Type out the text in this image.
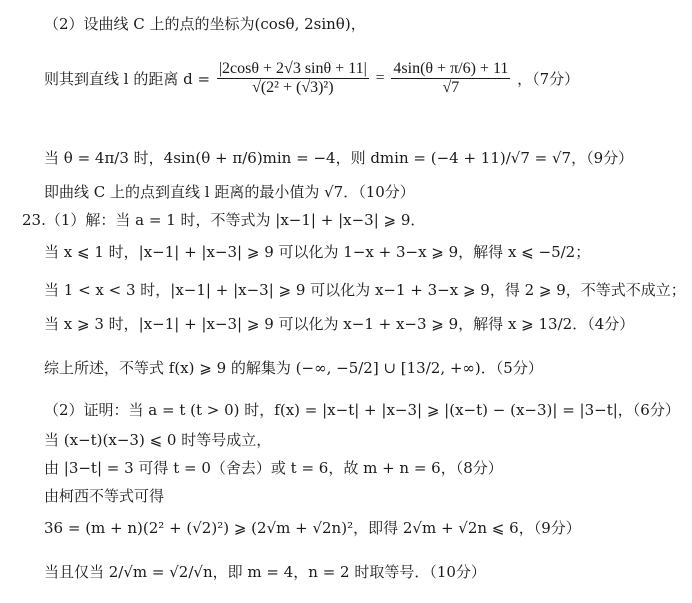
（2）设曲线 C 上的点的坐标为(cosθ, 2sinθ)，
则其到直线 l 的距离 $d = \frac{|2\cos\theta + 2√3 \sin\theta + 11|}{\text{√(2² + (√3)²)}} = \frac{4\sin(\theta + \pi/6) + 11}{√7}$ ，（7分）
当 θ = 4π/3 时，4sin(θ + π/6)min = −4，则 dmin = (−4 + 11)/√7 = √7，（9分）
即曲线 C 上的点到直线 l 距离的最小值为 √7．（10分）
23.（1）解：当 a = 1 时，不等式为 |x−1| + |x−3| ⩾ 9．
当 x ⩽ 1 时，|x−1| + |x−3| ⩾ 9 可以化为 1−x + 3−x ⩾ 9，解得 x ⩽ −5/2；
当 1 < x < 3 时，|x−1| + |x−3| ⩾ 9 可以化为 x−1 + 3−x ⩾ 9，得 2 ⩾ 9，不等式不成立；
当 x ⩾ 3 时，|x−1| + |x−3| ⩾ 9 可以化为 x−1 + x−3 ⩾ 9，解得 x ⩾ 13/2．（4分）
综上所述，不等式 f(x) ⩾ 9 的解集为 (−∞, −5/2] ∪ [13/2, +∞)．（5分）
（2）证明：当 a = t (t > 0) 时，f(x) = |x−t| + |x−3| ⩾ |(x−t) − (x−3)| = |3−t|，（6分）
当 (x−t)(x−3) ⩽ 0 时等号成立，
由 |3−t| = 3 可得 t = 0（舍去）或 t = 6，故 m + n = 6，（8分）
由柯西不等式可得
36 = (m + n)(2² + (√2)²) ⩾ (2√m + √2n)²，即得 2√m + √2n ⩽ 6，（9分）
当且仅当 2/√m = √2/√n，即 m = 4，n = 2 时取等号．（10分）
